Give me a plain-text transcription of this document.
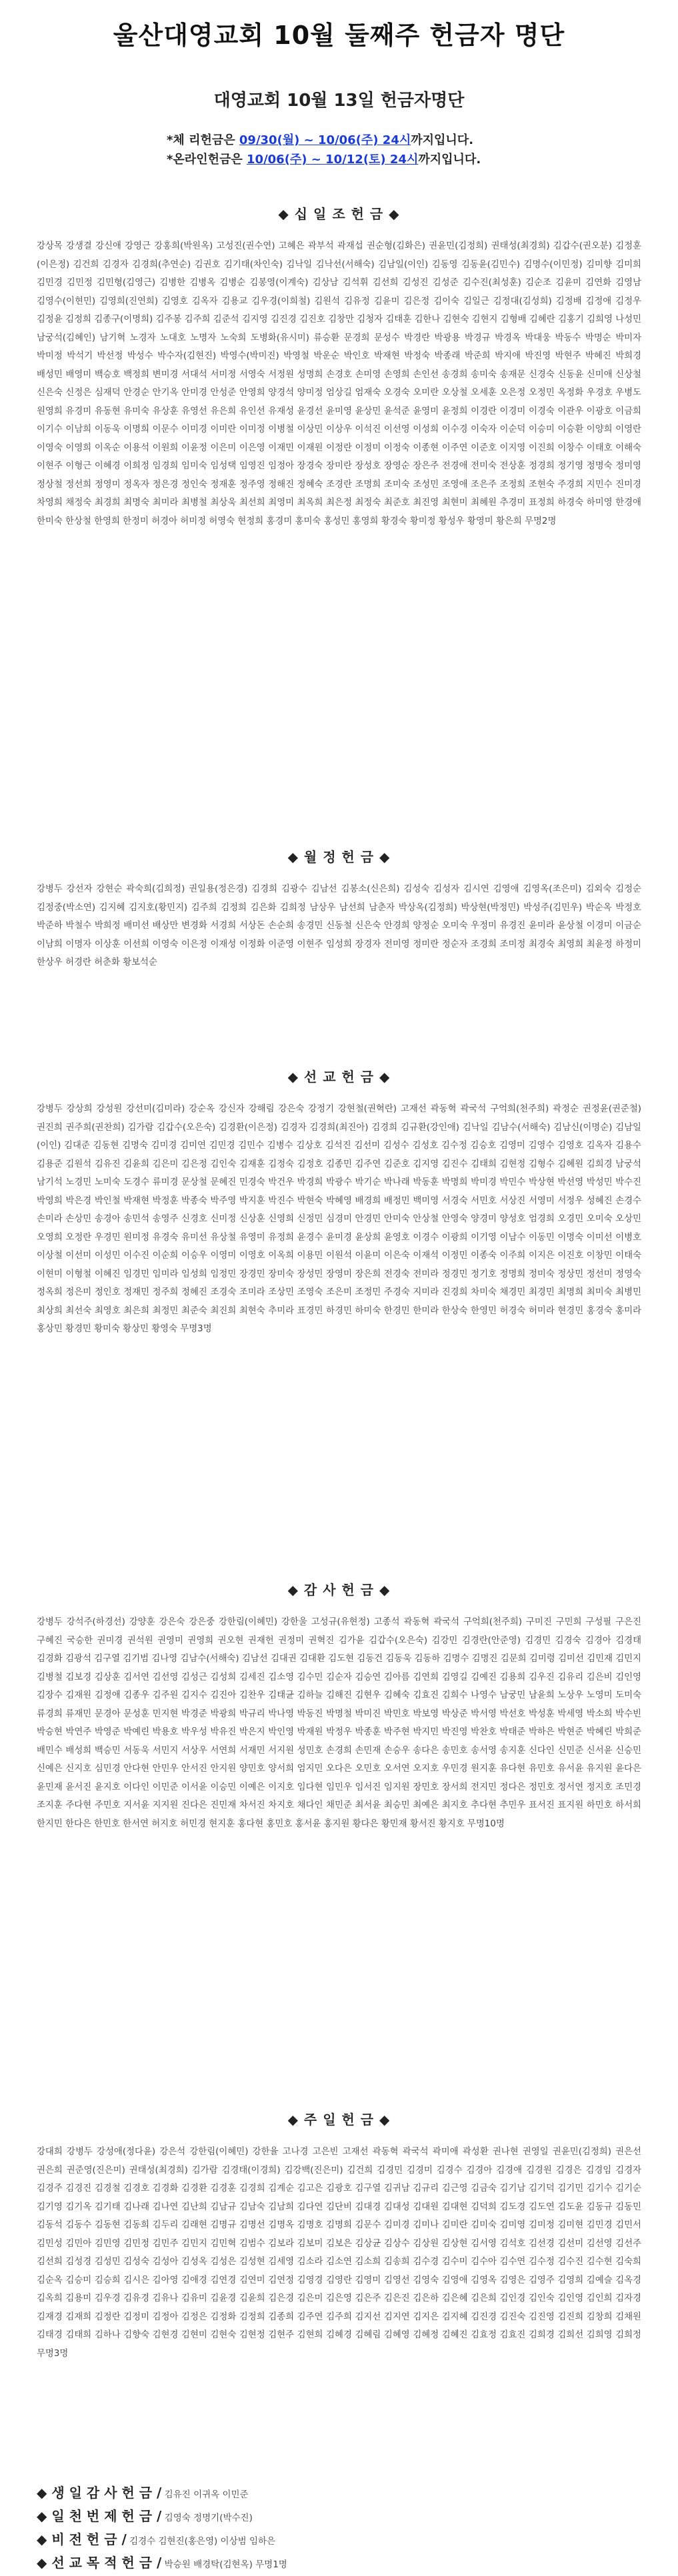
울산대영교회 10월 둘째주 헌금자 명단
대영교회 10월 13일 헌금자명단
*체 리헌금은 09/30(월) ~ 10/06(주) 24시까지입니다.
*온라인헌금은 10/06(주) ~ 10/12(토) 24시까지입니다.
◆ 십 일 조 헌 금 ◆
강상목 강생결 강신애 강영근 강홍희(박원옥) 고성진(권수연) 고혜은 곽부석 곽재섭 권순형(김화은) 권윤민(김정희) 권태성(최경희) 김갑수(권오분) 김정훈(이은정) 김건희 김경자 김경희(추연순) 김권호 김기태(차인숙) 김낙일 김낙선(서해숙) 김남일(이인) 김동영 김동윤(김민수) 김명수(이민정) 김미향 김미희 김민경 김민정 김민형(김영근) 김병한 김병옥 김병순 김봉영(이계숙) 김상남 김석휘 김선희 김성진 김성준 김수진(최성훈) 김순조 김윤미 김연화 김영남 김영수(이현민) 김영희(진연희) 김영호 김옥자 김용교 김우경(이희철) 김원석 김유정 김윤미 김은정 김이숙 김일근 김정대(김성희) 김정배 김정애 김정우 김정윤 김정희 김종구(이명희) 김주봉 김주희 김준석 김지영 김진경 김진호 김창만 김청자 김태훈 김한나 김현숙 김현지 김형배 김혜란 김홍기 김희영 나성민 남궁석(김혜인) 남기혁 노경자 노대호 노명자 노숙희 도병화(유시미) 류승환 문경희 문성수 박경란 박광용 박경규 박경옥 박대웅 박동수 박명순 박미자 박미정 박석기 박선정 박성수 박수자(김현진) 박영수(박미진) 박영철 박운순 박인호 박재현 박정숙 박종래 박준희 박지애 박진영 박현주 박혜진 박희경 배성민 배영미 백승호 백정희 변미경 서대석 서미정 서영숙 서정원 성명희 손경호 손미영 손영희 손인선 송경희 송미숙 송재문 신경숙 신동윤 신미애 신상철 신은숙 신정은 심재덕 안경순 안기옥 안미경 안성준 안영희 양경석 양미정 엄상길 엄재숙 오경숙 오미란 오상철 오세훈 오은정 오정민 옥정화 우경호 우병도 원영희 유경미 유동현 유미숙 유상훈 유영선 유은희 유인선 유재성 윤경선 윤미영 윤상민 윤석준 윤영미 윤정희 이경란 이경미 이경숙 이관우 이광호 이금희 이기수 이남희 이동욱 이명희 이문수 이미경 이미란 이미정 이병철 이상민 이상우 이석진 이선영 이성희 이수경 이숙자 이순덕 이승미 이승환 이양희 이영란 이영숙 이영희 이옥순 이용석 이원희 이윤정 이은미 이은영 이재민 이재원 이정란 이정미 이정숙 이종현 이주연 이준호 이지영 이진희 이창수 이태호 이해숙 이현주 이형근 이혜경 이희정 임경희 임미숙 임성택 임영진 임정아 장경숙 장미란 장성호 장영순 장은주 전경애 전미숙 전상훈 정경희 정기영 정명숙 정미영 정상철 정선희 정영미 정옥자 정은경 정인숙 정재훈 정주영 정해진 정혜숙 조경란 조명희 조미숙 조성민 조영애 조은주 조정희 조현숙 주경희 지민수 진미경 차영희 채정숙 최경희 최명숙 최미라 최병철 최상욱 최선희 최영미 최옥희 최은정 최정숙 최준호 최진영 최현미 최혜원 추경미 표정희 하경숙 하미영 한경애 한미숙 한상철 한영희 한정미 허경아 허미정 허영숙 현정희 홍경미 홍미숙 홍성민 홍영희 황경숙 황미정 황성우 황영미 황은희 무명2명
◆ 월 정 헌 금 ◆
강병두 강선자 강현순 곽숙희(김희정) 권일용(정은경) 김경희 김광수 김남선 김봉소(신은희) 김성숙 김성자 김시연 김영애 김영옥(조은미) 김외숙 김정순 김정중(박소연) 김지혜 김지호(황민지) 김주희 김정희 김은화 김희정 남상우 남선희 남춘자 박상옥(김정희) 박상현(박정민) 박성주(김민우) 박순옥 박정호 박준하 박철수 박희정 배미선 배상만 변경화 서경희 서상돈 손순희 송경민 신동철 신은숙 안경희 양정순 오미숙 우정미 유경진 윤미라 윤상철 이경미 이금순 이남희 이명자 이상훈 이선희 이영숙 이은정 이재성 이정화 이준영 이현주 임성희 장경자 전미영 정미란 정순자 조경희 조미정 최경숙 최영희 최윤정 하정미 한상우 허경란 허춘화 황보석순
◆ 선 교 헌 금 ◆
강병두 강상희 강성원 강선미(김미라) 강순옥 강신자 강해림 강은숙 강정기 강현철(권혁란) 고재선 곽동혁 곽국석 구억희(천주희) 곽정순 권정윤(권준철) 권진희 권주희(권찬희) 김가람 김갑수(오은숙) 김경환(이은정) 김경자 김경희(최진아) 김경희 김규환(강인애) 김낙일 김남수(서해숙) 김남신(이명순) 김남일(이인) 김대준 김동현 김명숙 김미경 김미연 김민경 김민수 김병수 김상호 김석진 김선미 김성수 김성호 김수정 김승호 김영미 김영수 김영호 김옥자 김용수 김용준 김원석 김유진 김윤희 김은미 김은정 김인숙 김재훈 김정숙 김정호 김종민 김주연 김준호 김지영 김진수 김태희 김현정 김형수 김혜원 김희경 남궁석 남기석 노경민 노미숙 도경수 류미경 문상철 문혜진 민경숙 박건우 박경희 박광수 박기순 박나래 박동훈 박명희 박미경 박민수 박상현 박선영 박성민 박수진 박영희 박은경 박인철 박재현 박정훈 박종숙 박주영 박지훈 박진수 박현숙 박혜영 배경희 배정민 백미영 서경숙 서민호 서상진 서영미 서정우 성혜진 손경수 손미라 손상민 송경아 송민석 송영주 신경호 신미정 신상훈 신영희 신정민 심경미 안경민 안미숙 안상철 안영숙 양경미 양성호 엄경희 오경민 오미숙 오상민 오영희 오정란 우경민 원미정 유경숙 유미선 유상철 유영미 유정희 윤경수 윤미경 윤상희 윤영호 이경수 이광희 이기영 이남수 이동민 이명숙 이미선 이병호 이상철 이선미 이성민 이수진 이순희 이승우 이영미 이영호 이옥희 이용민 이원석 이윤미 이은숙 이재석 이정민 이종숙 이주희 이지은 이진호 이창민 이태숙 이현미 이형철 이혜진 임경민 임미라 임성희 임정민 장경민 장미숙 장성민 장영미 장은희 전경숙 전미라 정경민 정기호 정명희 정미숙 정상민 정선미 정영숙 정옥희 정은미 정인호 정재민 정주희 정혜진 조경숙 조미라 조상민 조영숙 조은미 조정민 주경숙 지미라 진경희 차미숙 채경민 최경민 최명희 최미숙 최병민 최상희 최선숙 최영호 최은희 최정민 최준숙 최진희 최현숙 추미라 표경민 하경민 하미숙 한경민 한미라 한상숙 한영민 허경숙 허미라 현경민 홍경숙 홍미라 홍상민 황경민 황미숙 황상민 황영숙 무명3명
◆ 감 사 헌 금 ◆
강병두 강석주(하경선) 강양훈 강은숙 강은중 강한림(이혜민) 강한울 고성규(유현정) 고종석 곽동혁 곽국석 구억희(천주희) 구미진 구민희 구성필 구은진 구혜진 국승한 권미경 권석원 권영미 권영희 권오현 권재헌 권정미 권혁진 김가윤 김갑수(오은숙) 김강민 김경란(안준영) 김경민 김경숙 김경아 김경태 김경화 김광석 김구열 김기범 김나영 김남수(서해숙) 김남선 김대권 김대환 김도현 김동건 김동욱 김동하 김명수 김명진 김문희 김미령 김미선 김민재 김민지 김병철 김보경 김상훈 김서연 김선영 김성근 김성희 김세진 김소영 김수민 김순자 김승연 김아름 김연희 김영길 김예진 김용희 김우진 김유리 김은비 김인영 김장수 김재원 김정애 김종우 김주원 김지수 김진아 김찬우 김태균 김하늘 김해진 김현우 김혜숙 김효진 김희수 나영수 남궁민 남윤희 노상우 노영미 도미숙 류경희 류재민 문경아 문성훈 민지현 박경준 박광희 박규리 박나영 박동진 박명철 박미진 박민호 박보영 박상준 박서영 박선호 박성훈 박세영 박소희 박수빈 박승현 박연주 박영준 박예린 박용호 박우성 박유진 박은지 박인영 박재원 박정우 박종훈 박주현 박지민 박진영 박찬호 박태준 박하은 박현준 박혜린 박희준 배민수 배성희 백승민 서동욱 서민지 서상우 서연희 서재민 서지원 성민호 손경희 손민재 손승우 송다은 송민호 송서영 송지훈 신다인 신민준 신서윤 신승민 신예은 신지호 심민경 안다현 안민우 안서진 안지원 양민호 양서희 엄지민 오다은 오민호 오서연 오지호 우민경 원지훈 유다현 유민호 유서윤 유지원 윤다은 윤민재 윤서진 윤지호 이다인 이민준 이서윤 이승민 이예은 이지호 임다현 임민우 임서진 임지원 장민호 장서희 전지민 정다은 정민호 정서연 정지호 조민경 조지훈 주다현 주민호 지서윤 지지원 진다은 진민재 차서진 차지호 채다인 채민준 최서윤 최승민 최예은 최지호 추다현 추민우 표서진 표지원 하민호 하서희 한지민 한다은 한민호 한서연 허지호 허민경 현지훈 홍다현 홍민호 홍서윤 홍지원 황다은 황민재 황서진 황지호 무명10명
◆ 주 일 헌 금 ◆
강대희 강병두 강성애(정다윤) 강은석 강한림(이혜민) 강한율 고나경 고은빈 고재선 곽동혁 곽국석 곽미애 곽성환 권나현 권영일 권윤민(김정희) 권은선 권은희 권준영(진은미) 권태성(최경희) 김가람 김경태(이경희) 김강백(진은미) 김건희 김경민 김경미 김경수 김경아 김경애 김경원 김경은 김경임 김경자 김경주 김경진 김경철 김경호 김경화 김경환 김경훈 김경희 김계순 김고은 김광호 김구열 김귀남 김규리 김근영 김금숙 김기남 김기덕 김기민 김기수 김기순 김기영 김기옥 김기태 김나래 김나연 김난희 김남규 김남숙 김남희 김다연 김단비 김대경 김대성 김대원 김대현 김덕희 김도경 김도연 김도윤 김동규 김동민 김동석 김동수 김동현 김동희 김두리 김래현 김명규 김명선 김명옥 김명호 김명희 김문수 김미경 김미나 김미란 김미숙 김미영 김미정 김미현 김민경 김민서 김민성 김민아 김민영 김민정 김민주 김민지 김민혁 김범수 김보라 김보미 김보은 김상균 김상수 김상원 김상현 김서영 김석호 김선경 김선미 김선영 김선주 김선희 김성경 김성민 김성숙 김성아 김성옥 김성은 김성현 김세영 김소라 김소연 김소희 김송희 김수경 김수미 김수아 김수연 김수정 김수진 김수현 김숙희 김순옥 김승미 김승희 김시은 김아영 김애경 김연경 김연미 김연정 김영경 김영란 김영미 김영선 김영숙 김영애 김영옥 김영은 김영주 김영희 김예슬 김옥경 김옥희 김용미 김우경 김유경 김유나 김유미 김윤경 김윤희 김은경 김은미 김은영 김은주 김은진 김은하 김은혜 김은희 김인경 김인숙 김인영 김인희 김자경 김재경 김재희 김정란 김정미 김정아 김정은 김정화 김정희 김종희 김주연 김주희 김지선 김지연 김지은 김지혜 김진경 김진숙 김진영 김진희 김창희 김채원 김태경 김태희 김하나 김향숙 김현경 김현미 김현숙 김현정 김현주 김현희 김혜경 김혜림 김혜영 김혜정 김혜진 김효정 김효진 김희경 김희선 김희영 김희정 무명3명
◆ 생 일 감 사 헌 금 / 김유진 이귀옥 이민준
◆ 일 천 번 제 헌 금 / 김영숙 정명기(박수진)
◆ 비 전 헌 금 / 김경수 김현진(홍은영) 이상범 임하은
◆ 선 교 목 적 헌 금 / 박승원 배경탁(김현옥) 무명1명
